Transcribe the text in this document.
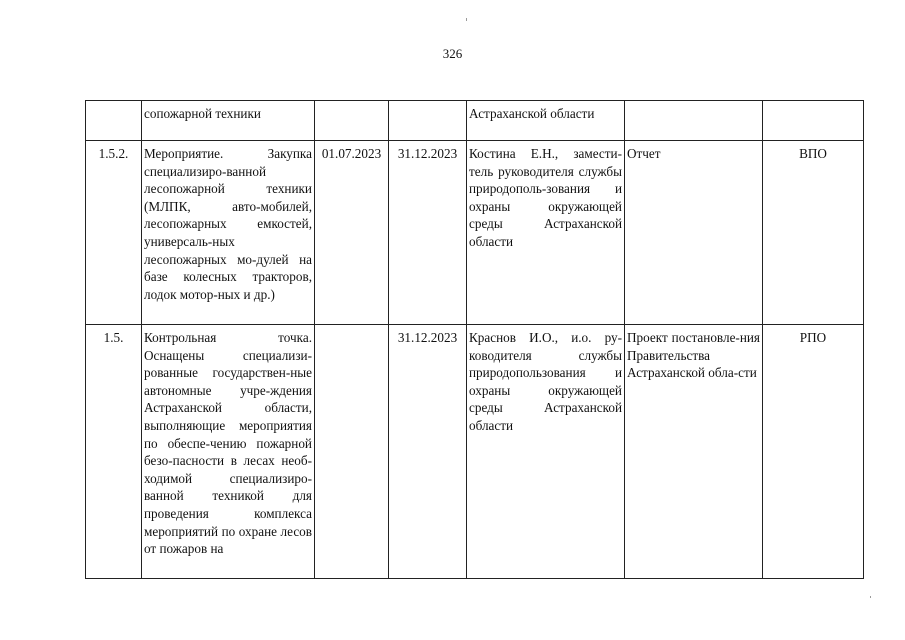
326
	сопожарной техники			Астраханской области		
1.5.2.	Мероприятие. Закупка специализиро-ванной лесопожарной техники (МЛПК, авто-мобилей, лесопожарных емкостей, универсаль-ных лесопожарных мо-дулей на базе колесных тракторов, лодок мотор-ных и др.)	01.07.2023	31.12.2023	Костина Е.Н., замести-тель руководителя службы природополь-зования и охраны окружающей среды Астраханской области	Отчет	ВПО
1.5.	Контрольная точка. Оснащены специализи-рованные государствен-ные автономные учре-ждения Астраханской области, выполняющие мероприятия по обеспе-чению пожарной безо-пасности в лесах необ-ходимой специализиро-ванной техникой для проведения комплекса мероприятий по охране лесов от пожаров на		31.12.2023	Краснов И.О., и.о. ру-ководителя службы природопользования и охраны окружающей среды Астраханской области	Проект постановле-ния Правительства Астраханской обла-сти	РПО
